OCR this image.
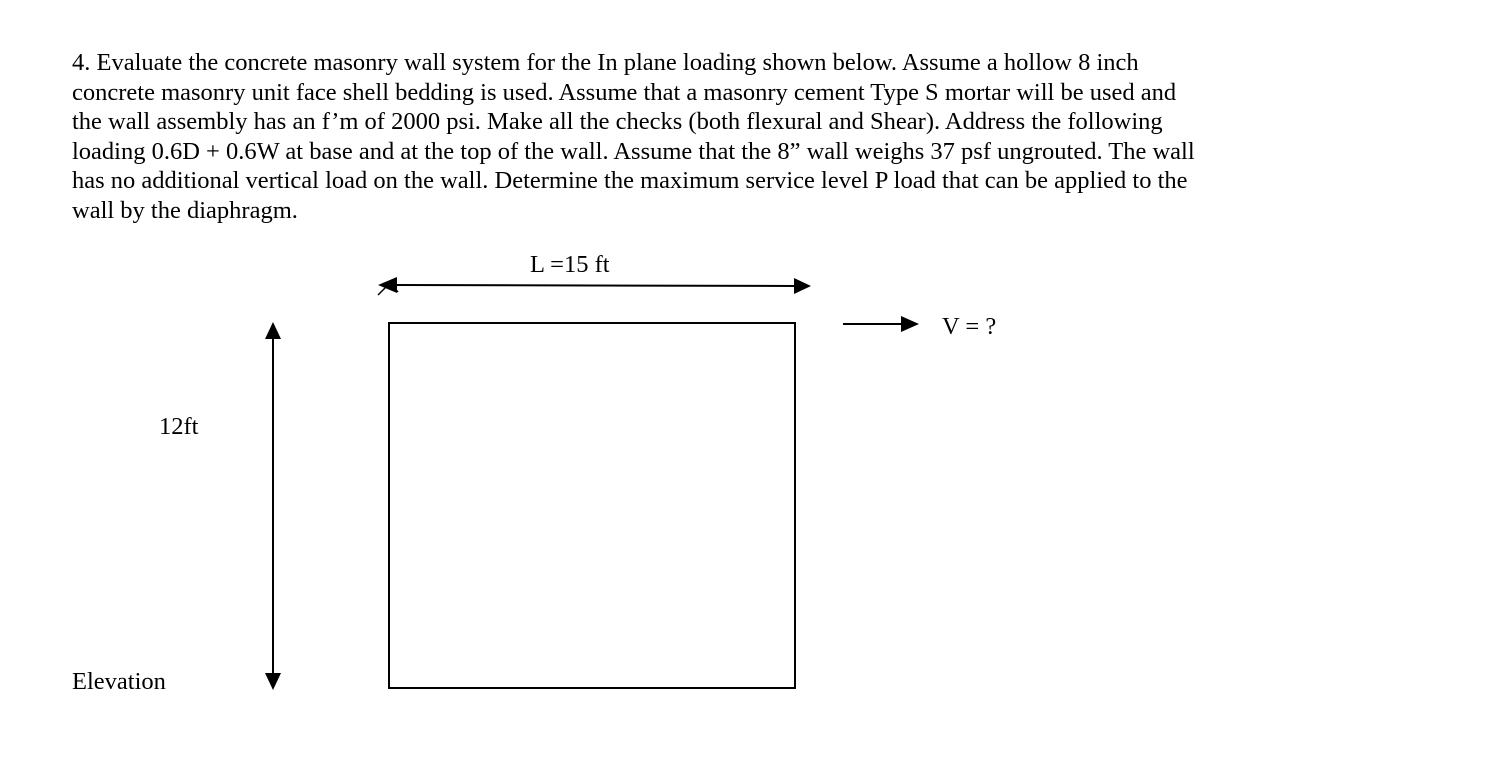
4. Evaluate the concrete masonry wall system for the In plane loading shown below. Assume a hollow 8 inch
concrete masonry unit face shell bedding is used. Assume that a masonry cement Type S mortar will be used and
the wall assembly has an f’m of 2000 psi. Make all the checks (both flexural and Shear). Address the following
loading 0.6D + 0.6W at base and at the top of the wall. Assume that the 8” wall weighs 37 psf ungrouted. The wall
has no additional vertical load on the wall. Determine the maximum service level P load that can be applied to the
wall by the diaphragm.
L =15 ft
12ft
V = ?
Elevation
